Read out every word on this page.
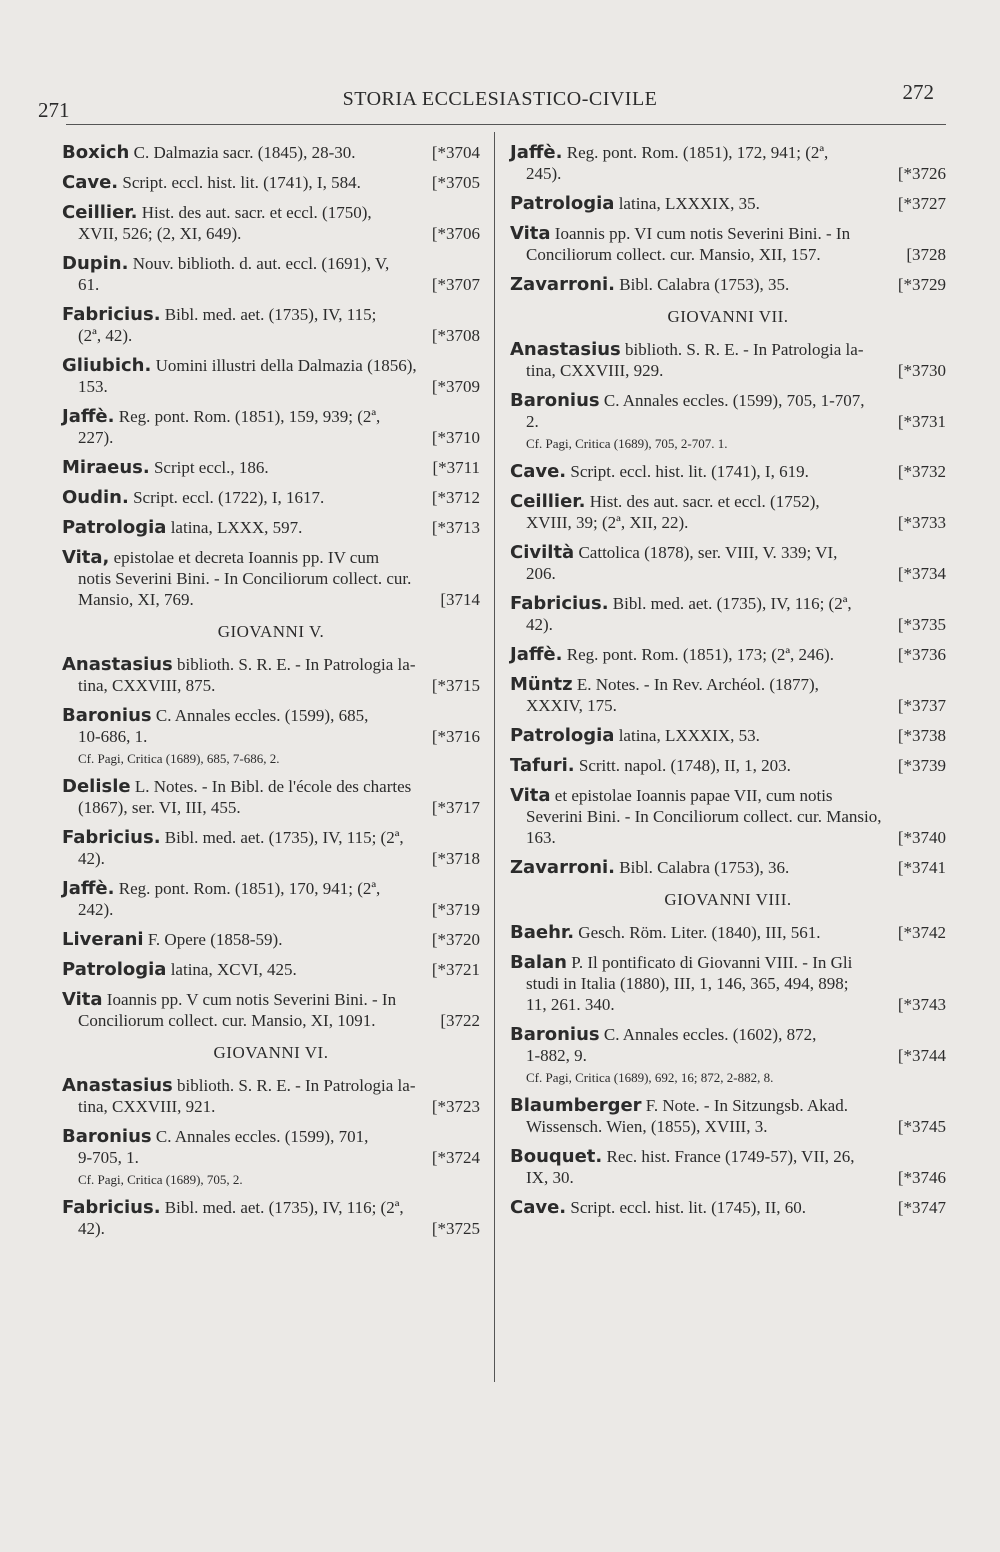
271	STORIA ECCLESIASTICO-CIVILE	272
Boxich C. Dalmazia sacr. (1845), 28-30.	[*3704
Cave. Script. eccl. hist. lit. (1741), I, 584.	[*3705
Ceillier. Hist. des aut. sacr. et eccl. (1750),
XVII, 526; (2, XI, 649).	[*3706
Dupin. Nouv. biblioth. d. aut. eccl. (1691), V,
61.	[*3707
Fabricius. Bibl. med. aet. (1735), IV, 115;
(2ª, 42).	[*3708
Gliubich. Uomini illustri della Dalmazia (1856),
153.	[*3709
Jaffè. Reg. pont. Rom. (1851), 159, 939; (2ª,
227).	[*3710
Miraeus. Script eccl., 186.	[*3711
Oudin. Script. eccl. (1722), I, 1617.	[*3712
Patrologia latina, LXXX, 597.	[*3713
Vita, epistolae et decreta Ioannis pp. IV cum
notis Severini Bini. - In Conciliorum collect. cur.
Mansio, XI, 769.	[3714
GIOVANNI V.
Anastasius biblioth. S. R. E. - In Patrologia la-
tina, CXXVIII, 875.	[*3715
Baronius C. Annales eccles. (1599), 685,
10-686, 1.	[*3716
Cf. Pagi, Critica (1689), 685, 7-686, 2.
Delisle L. Notes. - In Bibl. de l'école des chartes
(1867), ser. VI, III, 455.	[*3717
Fabricius. Bibl. med. aet. (1735), IV, 115; (2ª,
42).	[*3718
Jaffè. Reg. pont. Rom. (1851), 170, 941; (2ª,
242).	[*3719
Liverani F. Opere (1858-59).	[*3720
Patrologia latina, XCVI, 425.	[*3721
Vita Ioannis pp. V cum notis Severini Bini. - In
Conciliorum collect. cur. Mansio, XI, 1091.	[3722
GIOVANNI VI.
Anastasius biblioth. S. R. E. - In Patrologia la-
tina, CXXVIII, 921.	[*3723
Baronius C. Annales eccles. (1599), 701,
9-705, 1.	[*3724
Cf. Pagi, Critica (1689), 705, 2.
Fabricius. Bibl. med. aet. (1735), IV, 116; (2ª,
42).	[*3725
Jaffè. Reg. pont. Rom. (1851), 172, 941; (2ª,
245).	[*3726
Patrologia latina, LXXXIX, 35.	[*3727
Vita Ioannis pp. VI cum notis Severini Bini. - In
Conciliorum collect. cur. Mansio, XII, 157.	[3728
Zavarroni. Bibl. Calabra (1753), 35.	[*3729
GIOVANNI VII.
Anastasius biblioth. S. R. E. - In Patrologia la-
tina, CXXVIII, 929.	[*3730
Baronius C. Annales eccles. (1599), 705, 1-707,
2.	[*3731
Cf. Pagi, Critica (1689), 705, 2-707. 1.
Cave. Script. eccl. hist. lit. (1741), I, 619.	[*3732
Ceillier. Hist. des aut. sacr. et eccl. (1752),
XVIII, 39; (2ª, XII, 22).	[*3733
Civiltà Cattolica (1878), ser. VIII, V. 339; VI,
206.	[*3734
Fabricius. Bibl. med. aet. (1735), IV, 116; (2ª,
42).	[*3735
Jaffè. Reg. pont. Rom. (1851), 173; (2ª, 246).	[*3736
Müntz E. Notes. - In Rev. Archéol. (1877),
XXXIV, 175.	[*3737
Patrologia latina, LXXXIX, 53.	[*3738
Tafuri. Scritt. napol. (1748), II, 1, 203.	[*3739
Vita et epistolae Ioannis papae VII, cum notis
Severini Bini. - In Conciliorum collect. cur. Mansio,
163.	[*3740
Zavarroni. Bibl. Calabra (1753), 36.	[*3741
GIOVANNI VIII.
Baehr. Gesch. Röm. Liter. (1840), III, 561.	[*3742
Balan P. Il pontificato di Giovanni VIII. - In Gli
studi in Italia (1880), III, 1, 146, 365, 494, 898;
11, 261. 340.	[*3743
Baronius C. Annales eccles. (1602), 872,
1-882, 9.	[*3744
Cf. Pagi, Critica (1689), 692, 16; 872, 2-882, 8.
Blaumberger F. Note. - In Sitzungsb. Akad.
Wissensch. Wien, (1855), XVIII, 3.	[*3745
Bouquet. Rec. hist. France (1749-57), VII, 26,
IX, 30.	[*3746
Cave. Script. eccl. hist. lit. (1745), II, 60.	[*3747
